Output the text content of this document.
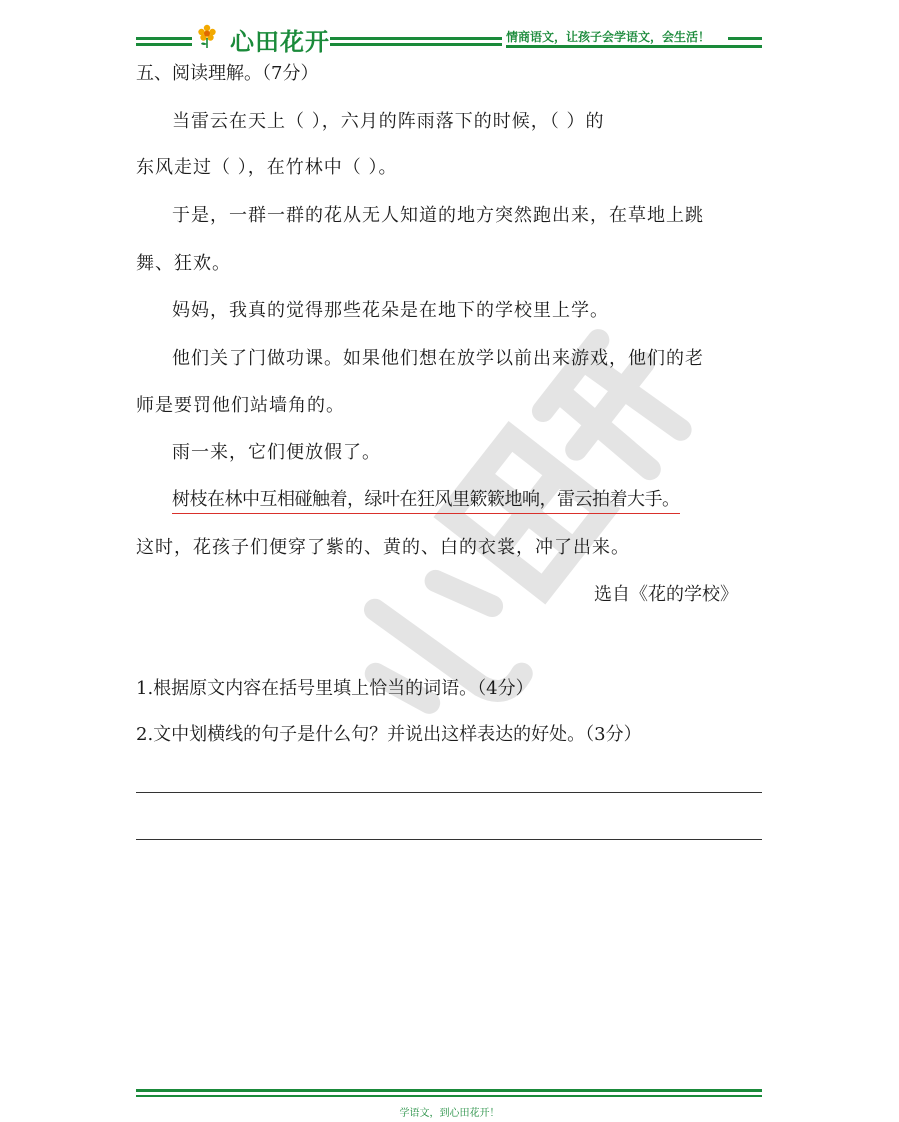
心田花开	情商语文，让孩子会学语文，会生活！
五、阅读理解。（7分）
当雷云在天上（ ），六月的阵雨落下的时候，（ ）的
东风走过（ ），在竹林中（ ）。
于是，一群一群的花从无人知道的地方突然跑出来，在草地上跳
舞、狂欢。
妈妈，我真的觉得那些花朵是在地下的学校里上学。
他们关了门做功课。如果他们想在放学以前出来游戏，他们的老
师是要罚他们站墙角的。
雨一来，它们便放假了。
树枝在林中互相碰触着，绿叶在狂风里簌簌地响，雷云拍着大手。
这时，花孩子们便穿了紫的、黄的、白的衣裳，冲了出来。
选自《花的学校》
1.根据原文内容在括号里填上恰当的词语。（4分）
2.文中划横线的句子是什么句？并说出这样表达的好处。（3分）
学语文，到心田花开！
